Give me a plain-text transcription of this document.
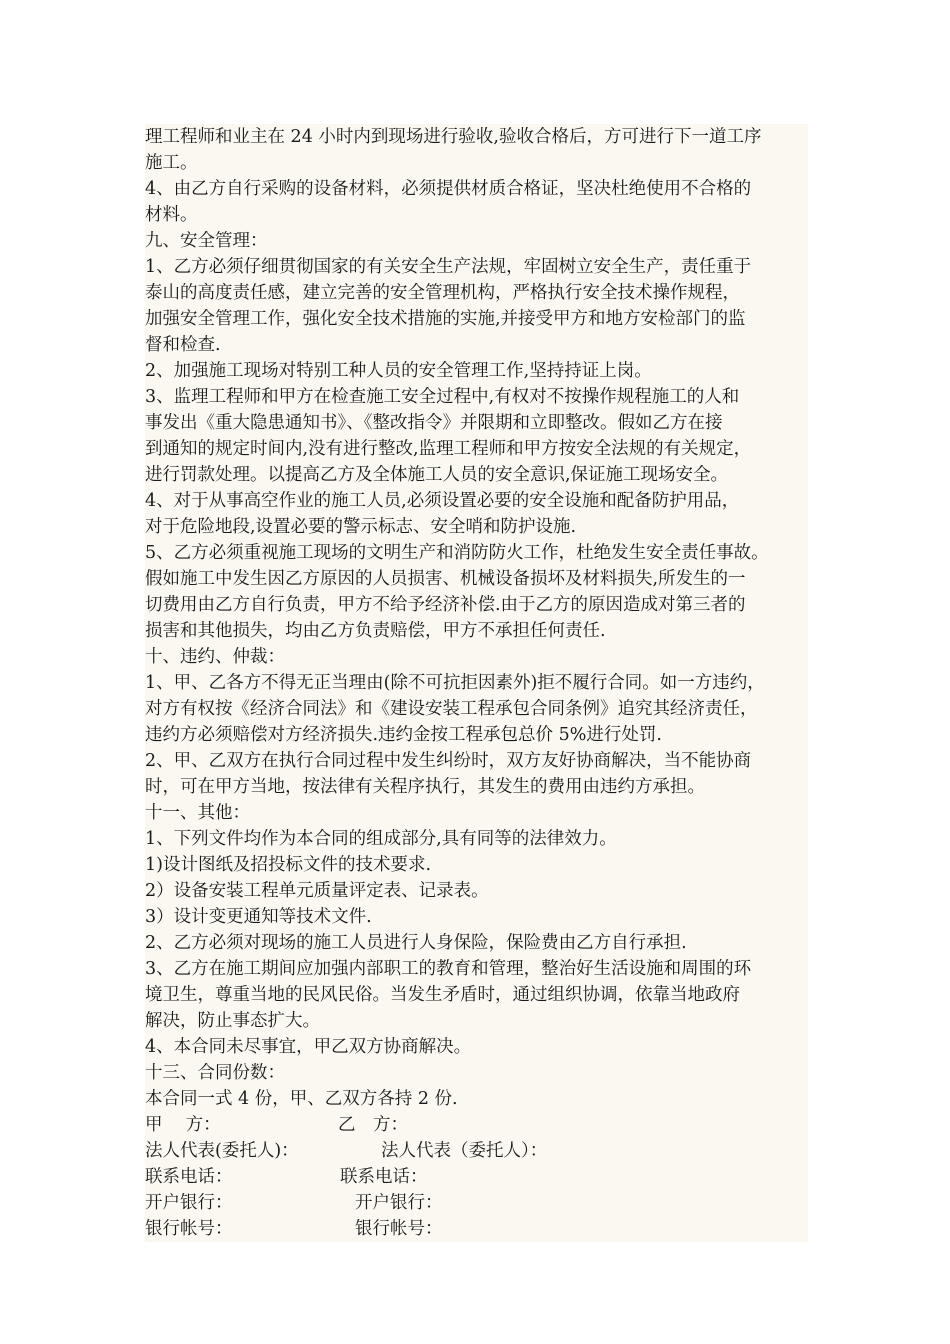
理工程师和业主在 24 小时内到现场进行验收,验收合格后，方可进行下一道工序
施工。
4、由乙方自行采购的设备材料，必须提供材质合格证，坚决杜绝使用不合格的
材料。
九、安全管理：
1、乙方必须仔细贯彻国家的有关安全生产法规，牢固树立安全生产，责任重于
泰山的高度责任感，建立完善的安全管理机构，严格执行安全技术操作规程，
加强安全管理工作，强化安全技术措施的实施,并接受甲方和地方安检部门的监
督和检查.
2、加强施工现场对特别工种人员的安全管理工作,坚持持证上岗。
3、监理工程师和甲方在检查施工安全过程中,有权对不按操作规程施工的人和
事发出《重大隐患通知书》、《整改指令》并限期和立即整改。假如乙方在接
到通知的规定时间内,没有进行整改,监理工程师和甲方按安全法规的有关规定，
进行罚款处理。以提高乙方及全体施工人员的安全意识,保证施工现场安全。
4、对于从事高空作业的施工人员,必须设置必要的安全设施和配备防护用品，
对于危险地段,设置必要的警示标志、安全哨和防护设施.
5、乙方必须重视施工现场的文明生产和消防防火工作，杜绝发生安全责任事故。
假如施工中发生因乙方原因的人员损害、机械设备损坏及材料损失,所发生的一
切费用由乙方自行负责，甲方不给予经济补偿.由于乙方的原因造成对第三者的
损害和其他损失，均由乙方负责赔偿，甲方不承担任何责任.
十、违约、仲裁：
1、甲、乙各方不得无正当理由(除不可抗拒因素外)拒不履行合同。如一方违约，
对方有权按《经济合同法》和《建设安装工程承包合同条例》追究其经济责任，
违约方必须赔偿对方经济损失.违约金按工程承包总价 5%进行处罚.
2、甲、乙双方在执行合同过程中发生纠纷时，双方友好协商解决，当不能协商
时，可在甲方当地，按法律有关程序执行，其发生的费用由违约方承担。
十一、其他：
1、下列文件均作为本合同的组成部分,具有同等的法律效力。
1)设计图纸及招投标文件的技术要求.
2）设备安装工程单元质量评定表、记录表。
3）设计变更通知等技术文件.
2、乙方必须对现场的施工人员进行人身保险，保险费由乙方自行承担.
3、乙方在施工期间应加强内部职工的教育和管理，整治好生活设施和周围的环
境卫生，尊重当地的民风民俗。当发生矛盾时，通过组织协调，依靠当地政府
解决，防止事态扩大。
4、本合同未尽事宜，甲乙双方协商解决。
十三、合同份数：
本合同一式 4 份，甲、乙双方各持 2 份.
甲　 方：	乙　方：
法人代表(委托人)：	法人代表（委托人）：
联系电话：	联系电话：
开户银行：	开户银行：
银行帐号：	银行帐号：
